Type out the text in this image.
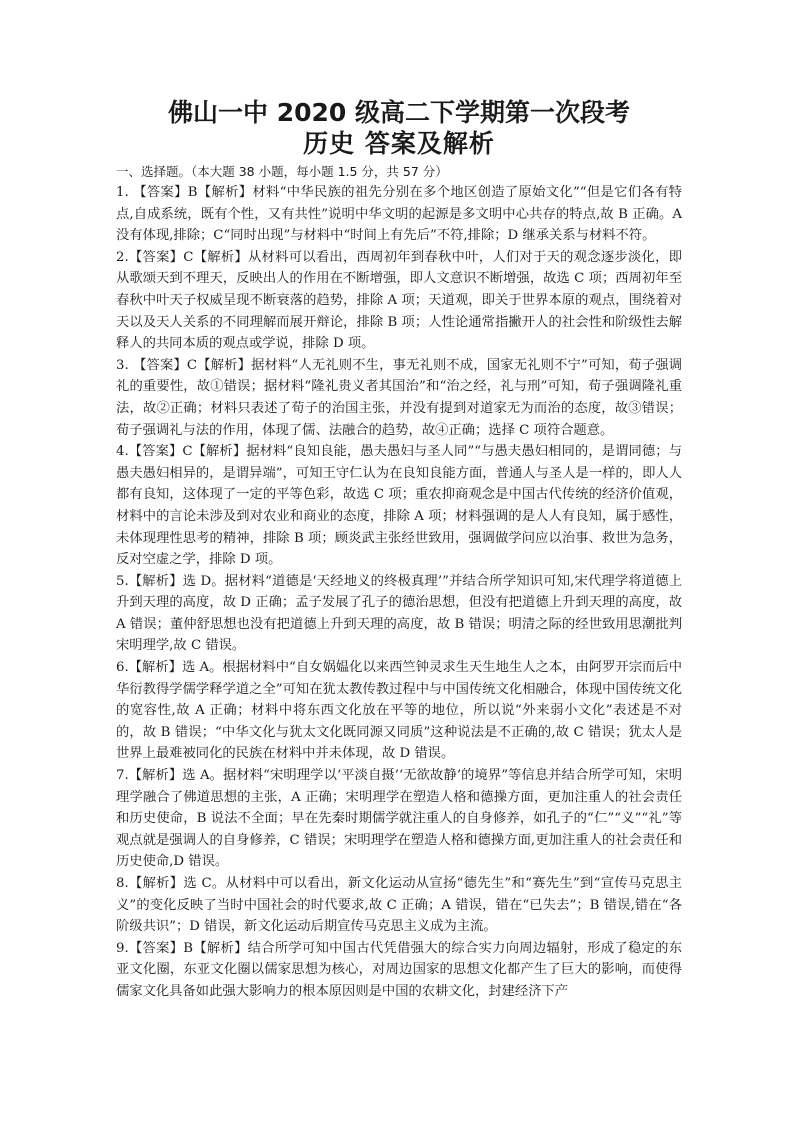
佛山一中 2020 级高二下学期第一次段考
历史 答案及解析

一、选择题。（本大题 38 小题，每小题 1.5 分，共 57 分）

1. 【答案】B【解析】材料“中华民族的祖先分别在多个地区创造了原始文化”“但是它们各有特点,自成系统，既有个性，又有共性”说明中华文明的起源是多文明中心共存的特点,故 B 正确。A 没有体现,排除；C“同时出现”与材料中“时间上有先后”不符,排除；D 继承关系与材料不符。
2.【答案】C【解析】从材料可以看出，西周初年到春秋中叶，人们对于天的观念逐步淡化，即从歌颂天到不理天，反映出人的作用在不断增强，即人文意识不断增强，故选 C 项；西周初年至春秋中叶天子权威呈现不断衰落的趋势，排除 A 项；天道观，即关于世界本原的观点，围绕着对天以及天人关系的不同理解而展开辩论，排除 B 项；人性论通常指撇开人的社会性和阶级性去解释人的共同本质的观点或学说，排除 D 项。
3. 【答案】C【解析】据材料“人无礼则不生，事无礼则不成，国家无礼则不宁”可知，荀子强调礼的重要性，故①错误；据材料“隆礼贵义者其国治”和“治之经，礼与刑”可知，荀子强调隆礼重法，故②正确；材料只表述了荀子的治国主张，并没有提到对道家无为而治的态度，故③错误；荀子强调礼与法的作用，体现了儒、法融合的趋势，故④正确；选择 C 项符合题意。
4.【答案】C【解析】据材料“良知良能，愚夫愚妇与圣人同”“与愚夫愚妇相同的，是谓同德；与愚夫愚妇相异的，是谓异端”，可知王守仁认为在良知良能方面，普通人与圣人是一样的，即人人都有良知，这体现了一定的平等色彩，故选 C 项；重农抑商观念是中国古代传统的经济价值观，材料中的言论未涉及到对农业和商业的态度，排除 A 项；材料强调的是人人有良知，属于感性，未体现理性思考的精神，排除 B 项；顾炎武主张经世致用，强调做学问应以治事、救世为急务，反对空虚之学，排除 D 项。
5.【解析】选 D。据材料“道德是‘天经地义的终极真理’”并结合所学知识可知,宋代理学将道德上升到天理的高度，故 D 正确；孟子发展了孔子的德治思想，但没有把道德上升到天理的高度，故 A 错误；董仲舒思想也没有把道德上升到天理的高度，故 B 错误；明清之际的经世致用思潮批判宋明理学,故 C 错误。
6.【解析】选 A。根据材料中“自女娲媪化以来西竺钟灵求生天生地生人之本，由阿罗开宗而后中华衍教得学儒学释学道之全”可知在犹太教传教过程中与中国传统文化相融合，体现中国传统文化的宽容性,故 A 正确；材料中将东西文化放在平等的地位，所以说“外来弱小文化”表述是不对的，故 B 错误；“中华文化与犹太文化既同源又同质”这种说法是不正确的,故 C 错误；犹太人是世界上最难被同化的民族在材料中并未体现，故 D 错误。
7.【解析】选 A。据材料“宋明理学以‘平淡自摄’‘无欲故静’的境界”等信息并结合所学可知，宋明理学融合了佛道思想的主张，A 正确；宋明理学在塑造人格和德操方面，更加注重人的社会责任和历史使命，B 说法不全面；早在先秦时期儒学就注重人的自身修养，如孔子的“仁”“义”“礼”等观点就是强调人的自身修养，C 错误；宋明理学在塑造人格和德操方面,更加注重人的社会责任和历史使命,D 错误。
8.【解析】选 C。从材料中可以看出，新文化运动从宣扬“德先生”和“赛先生”到“宣传马克思主义”的变化反映了当时中国社会的时代要求,故 C 正确；A 错误，错在“已失去”；B 错误,错在“各阶级共识”；D 错误，新文化运动后期宣传马克思主义成为主流。
9.【答案】B【解析】结合所学可知中国古代凭借强大的综合实力向周边辐射，形成了稳定的东亚文化圈，东亚文化圈以儒家思想为核心，对周边国家的思想文化都产生了巨大的影响，而使得儒家文化具备如此强大影响力的根本原因则是中国的农耕文化，封建经济下产
